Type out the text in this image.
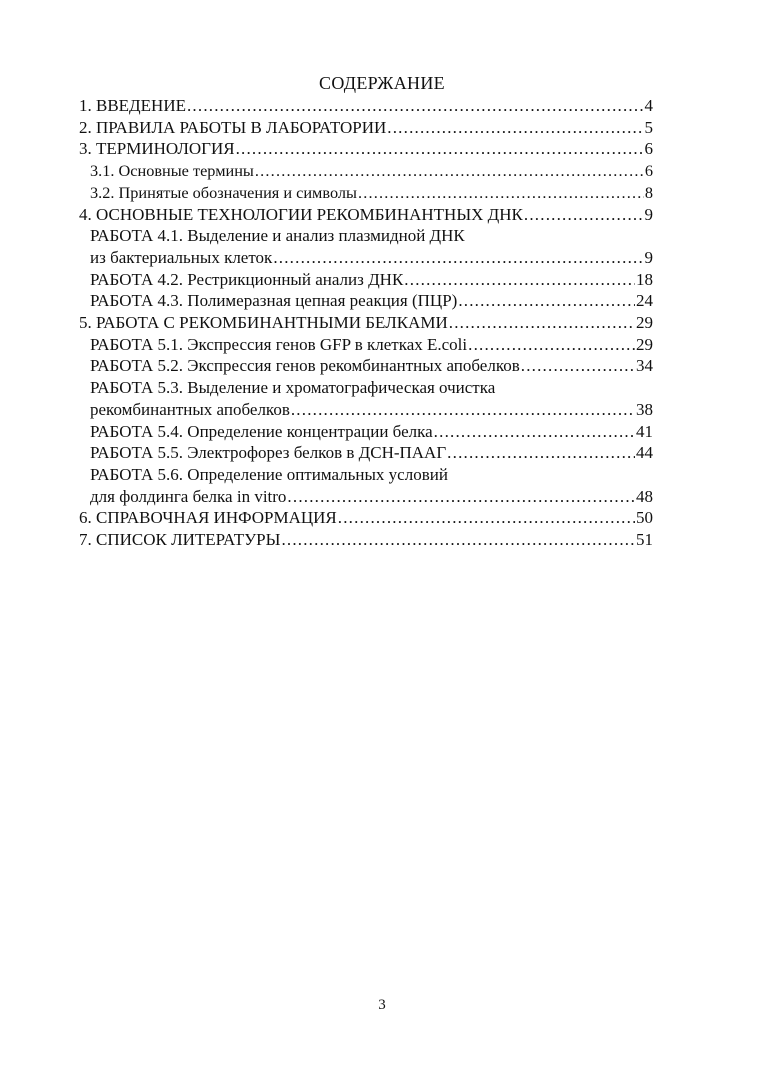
СОДЕРЖАНИЕ
1. ВВЕДЕНИЕ .....	4
2. ПРАВИЛА РАБОТЫ В ЛАБОРАТОРИИ .....	5
3. ТЕРМИНОЛОГИЯ .....	6
3.1. Основные термины .....	6
3.2. Принятые обозначения и символы .....	8
4. ОСНОВНЫЕ ТЕХНОЛОГИИ РЕКОМБИНАНТНЫХ ДНК .....	9
РАБОТА 4.1. Выделение и анализ плазмидной ДНК
из бактериальных клеток .....	9
РАБОТА 4.2. Рестрикционный анализ ДНК .....	18
РАБОТА 4.3. Полимеразная цепная реакция (ПЦР) .....	24
5. РАБОТА С РЕКОМБИНАНТНЫМИ БЕЛКАМИ .....	29
РАБОТА 5.1. Экспрессия генов GFP в клетках E.coli .....	29
РАБОТА 5.2. Экспрессия генов рекомбинантных апобелков .....	34
РАБОТА 5.3. Выделение и хроматографическая очистка
рекомбинантных апобелков .....	38
РАБОТА 5.4. Определение концентрации белка .....	41
РАБОТА 5.5. Электрофорез белков в ДСН-ПААГ .....	44
РАБОТА 5.6. Определение оптимальных условий
для фолдинга белка in vitro .....	48
6. СПРАВОЧНАЯ ИНФОРМАЦИЯ .....	50
7. СПИСОК ЛИТЕРАТУРЫ .....	51
3
